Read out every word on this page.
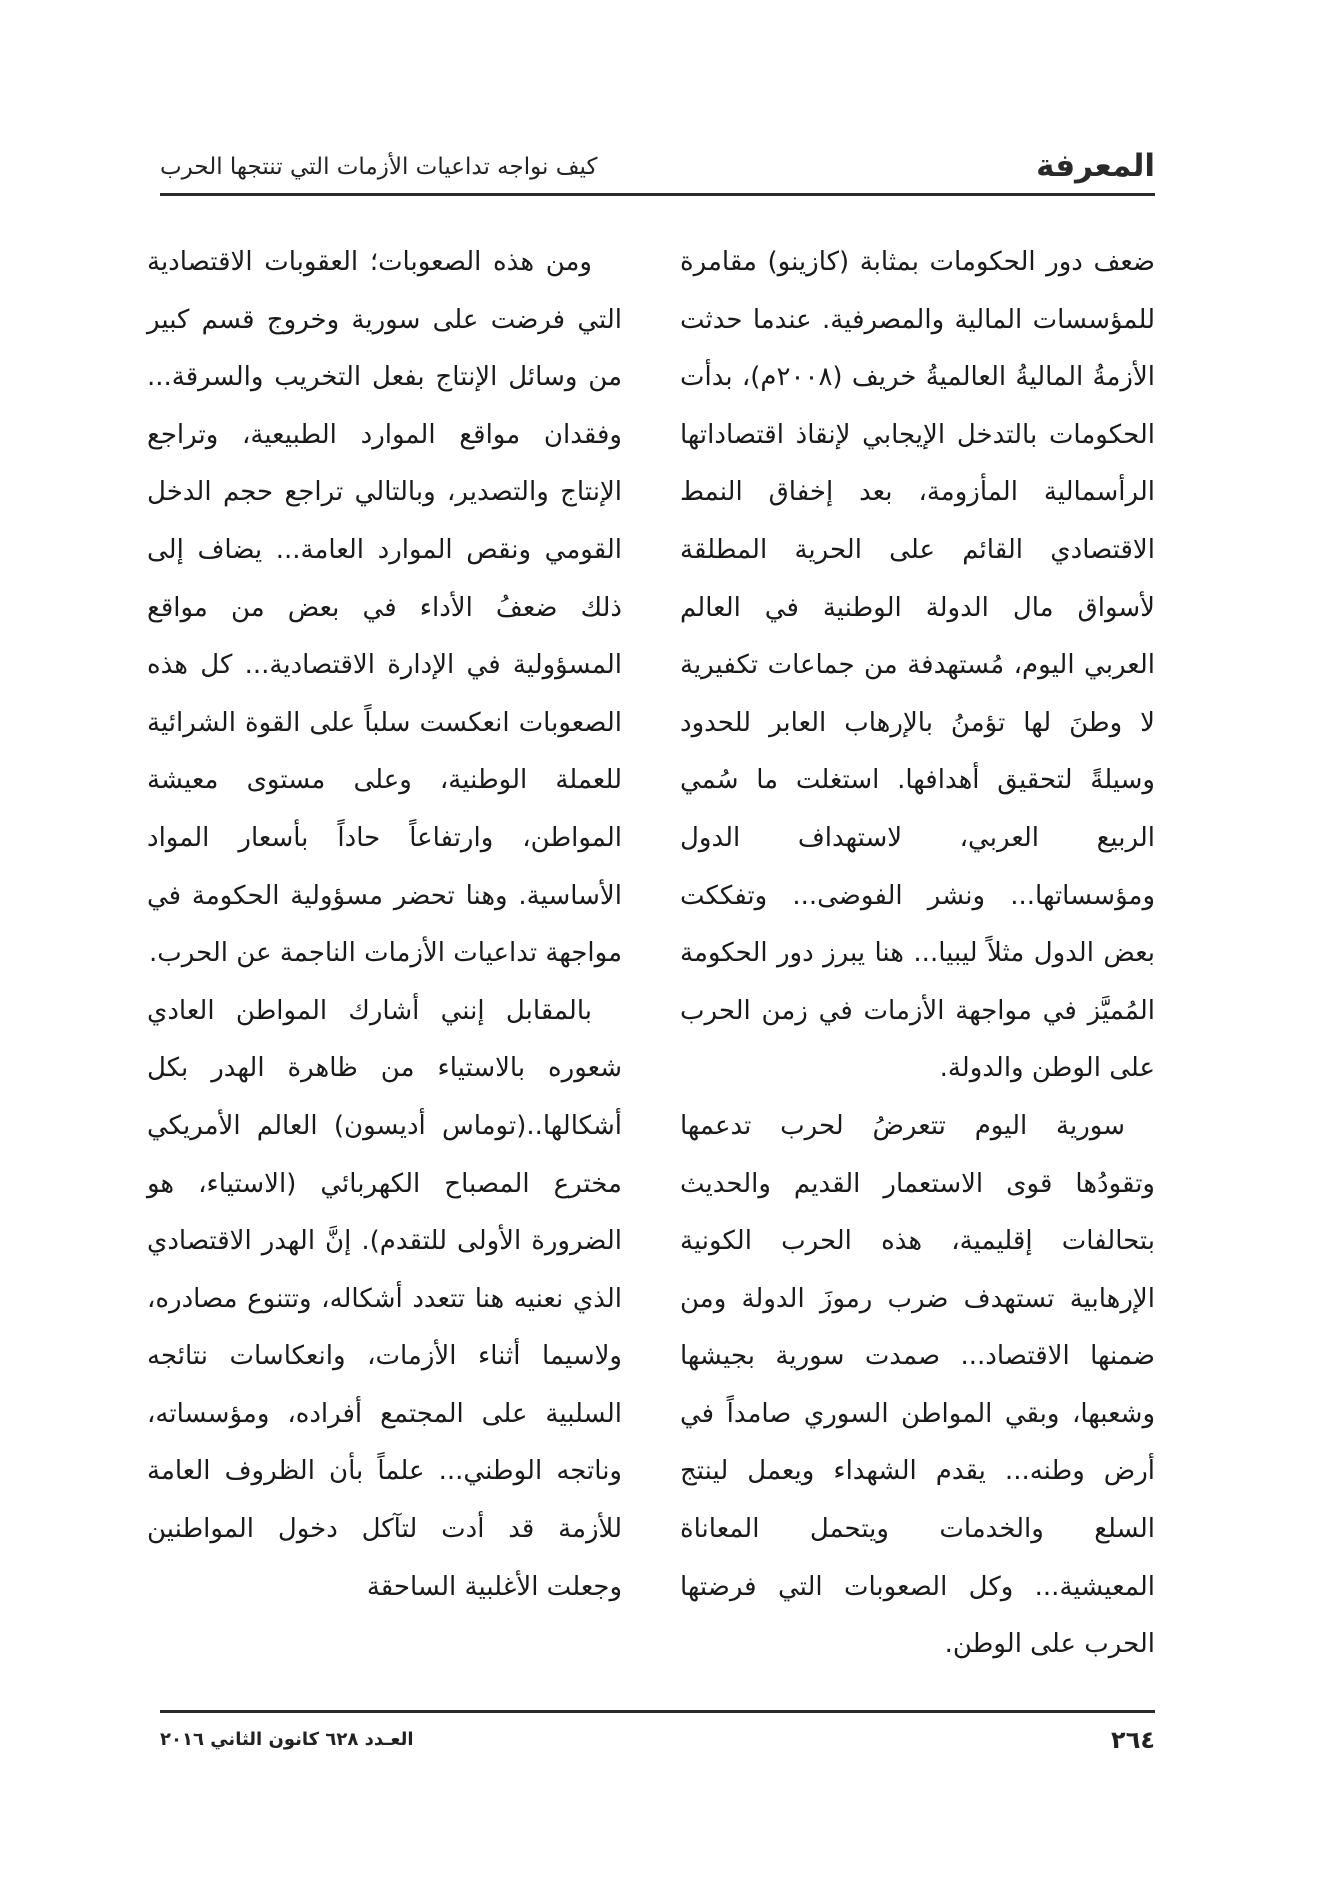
المعرفة
كيف نواجه تداعيات الأزمات التي تنتجها الحرب

ضعف دور الحكومات بمثابة (كازينو) مقامرة للمؤسسات المالية والمصرفية. عندما حدثت الأزمةُ الماليةُ العالميةُ خريف (٢٠٠٨م)، بدأت الحكومات بالتدخل الإيجابي لإنقاذ اقتصاداتها الرأسمالية المأزومة، بعد إخفاق النمط الاقتصادي القائم على الحرية المطلقة لأسواق مال الدولة الوطنية في العالم العربي اليوم، مُستهدفة من جماعات تكفيرية لا وطنَ لها تؤمنُ بالإرهاب العابر للحدود وسيلةً لتحقيق أهدافها. استغلت ما سُمي الربيع العربي، لاستهداف الدول ومؤسساتها... ونشر الفوضى... وتفككت بعض الدول مثلاً ليبيا... هنا يبرز دور الحكومة المُميَّز في مواجهة الأزمات في زمن الحرب على الوطن والدولة.

سورية اليوم تتعرضُ لحرب تدعمها وتقودُها قوى الاستعمار القديم والحديث بتحالفات إقليمية، هذه الحرب الكونية الإرهابية تستهدف ضرب رموزَ الدولة ومن ضمنها الاقتصاد... صمدت سورية بجيشها وشعبها، وبقي المواطن السوري صامداً في أرض وطنه... يقدم الشهداء ويعمل لينتج السلع والخدمات ويتحمل المعاناة المعيشية... وكل الصعوبات التي فرضتها الحرب على الوطن.

ومن هذه الصعوبات؛ العقوبات الاقتصادية التي فرضت على سورية وخروج قسم كبير من وسائل الإنتاج بفعل التخريب والسرقة... وفقدان مواقع الموارد الطبيعية، وتراجع الإنتاج والتصدير، وبالتالي تراجع حجم الدخل القومي ونقص الموارد العامة... يضاف إلى ذلك ضعفُ الأداء في بعض من مواقع المسؤولية في الإدارة الاقتصادية... كل هذه الصعوبات انعكست سلباً على القوة الشرائية للعملة الوطنية، وعلى مستوى معيشة المواطن، وارتفاعاً حاداً بأسعار المواد الأساسية. وهنا تحضر مسؤولية الحكومة في مواجهة تداعيات الأزمات الناجمة عن الحرب.

بالمقابل إنني أشارك المواطن العادي شعوره بالاستياء من ظاهرة الهدر بكل أشكالها..(توماس أديسون) العالم الأمريكي مخترع المصباح الكهربائي (الاستياء، هو الضرورة الأولى للتقدم). إنَّ الهدر الاقتصادي الذي نعنيه هنا تتعدد أشكاله، وتتنوع مصادره، ولاسيما أثناء الأزمات، وانعكاسات نتائجه السلبية على المجتمع أفراده، ومؤسساته، وناتجه الوطني... علماً بأن الظروف العامة للأزمة قد أدت لتآكل دخول المواطنين وجعلت الأغلبية الساحقة

٢٦٤
العـدد ٦٢٨ كانون الثاني ٢٠١٦
